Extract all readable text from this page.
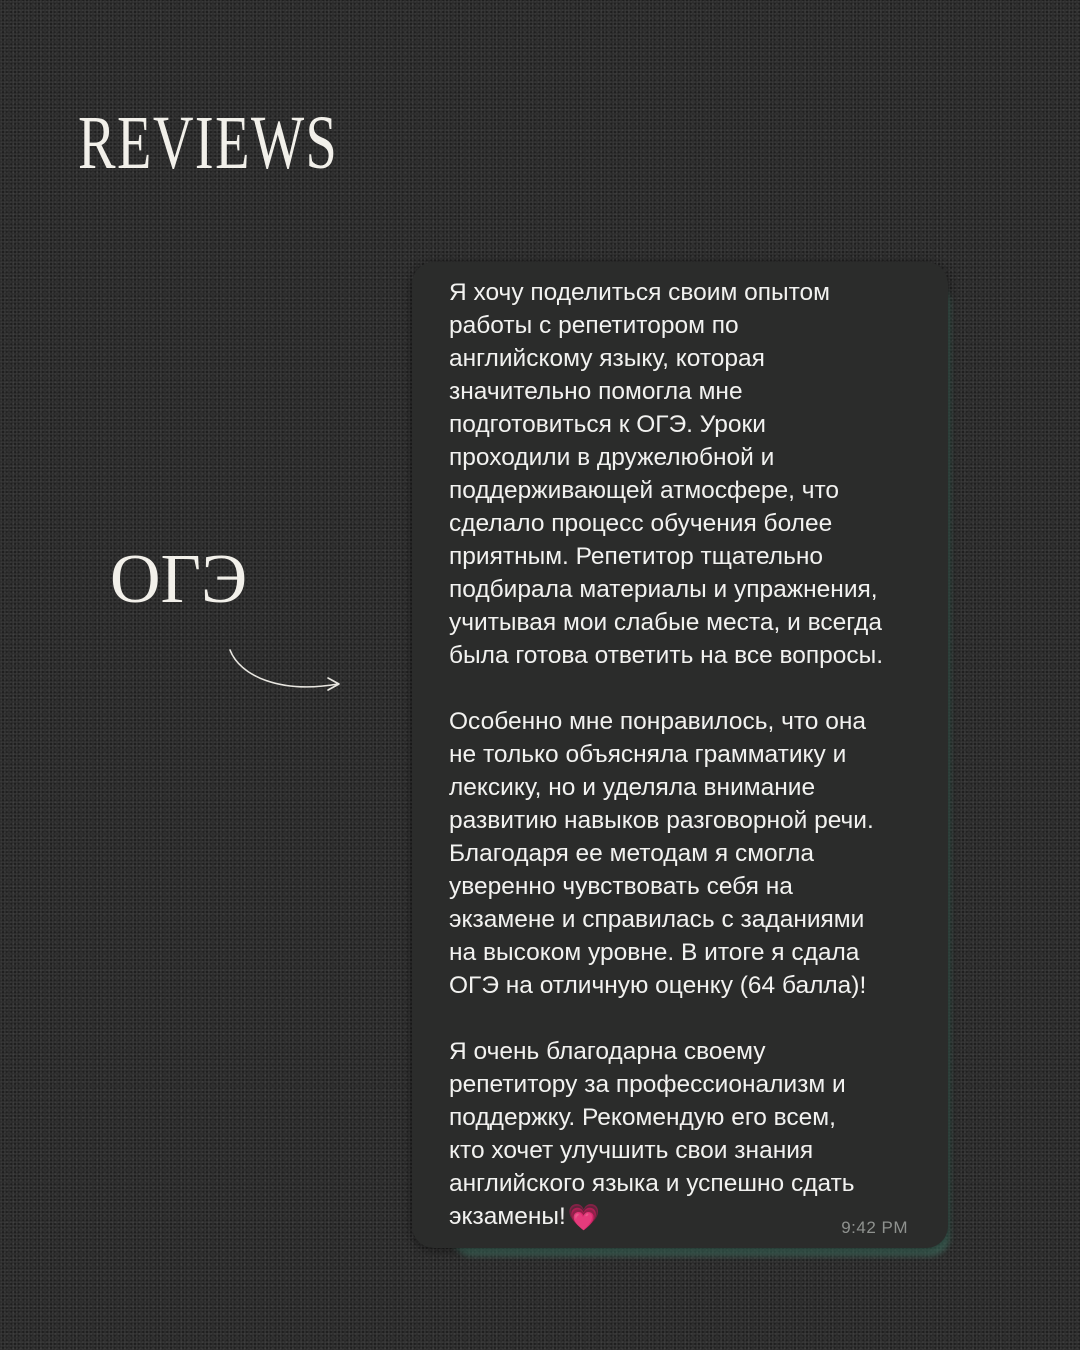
REVIEWS
ОГЭ

Я хочу поделиться своим опытом
работы с репетитором по
английскому языку, которая
значительно помогла мне
подготовиться к ОГЭ. Уроки
проходили в дружелюбной и
поддерживающей атмосфере, что
сделало процесс обучения более
приятным. Репетитор тщательно
подбирала материалы и упражнения,
учитывая мои слабые места, и всегда
была готова ответить на все вопросы.

Особенно мне понравилось, что она
не только объясняла грамматику и
лексику, но и уделяла внимание
развитию навыков разговорной речи.
Благодаря ее методам я смогла
уверенно чувствовать себя на
экзамене и справилась с заданиями
на высоком уровне. В итоге я сдала
ОГЭ на отличную оценку (64 балла)!

Я очень благодарна своему
репетитору за профессионализм и
поддержку. Рекомендую его всем,
кто хочет улучшить свои знания
английского языка и успешно сдать
экзамены!💗	9:42 PM
